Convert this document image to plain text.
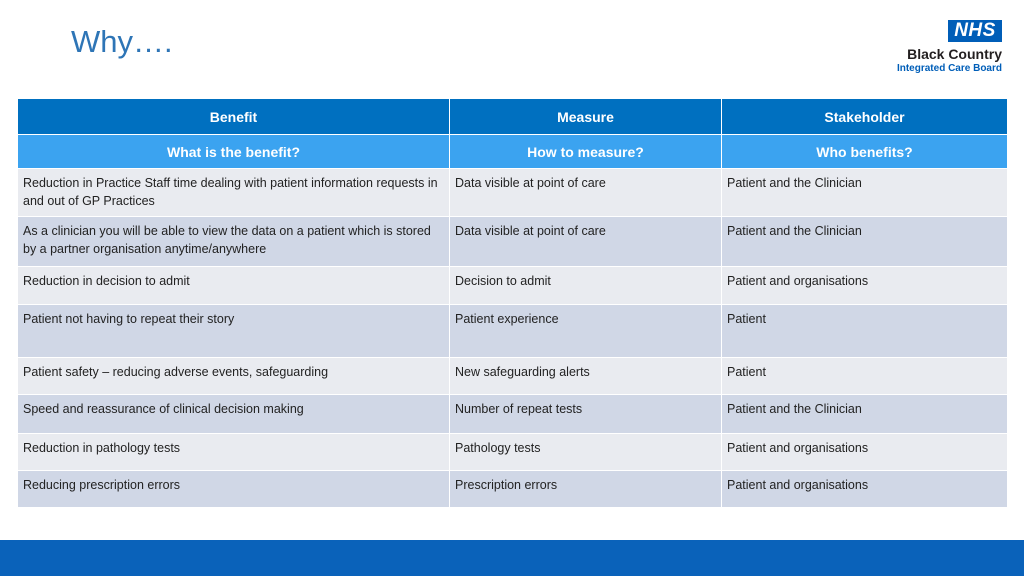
Why….	NHS
Black Country
Integrated Care Board
Benefit	Measure	Stakeholder
What is the benefit?	How to measure?	Who benefits?
Reduction in Practice Staff time dealing with patient information requests in and out of GP Practices	Data visible at point of care	Patient and the Clinician
As a clinician you will be able to view the data on a patient which is stored by a partner organisation anytime/anywhere	Data visible at point of care	Patient and the Clinician
Reduction in decision to admit	Decision to admit	Patient and organisations
Patient not having to repeat their story	Patient experience	Patient
Patient safety – reducing adverse events, safeguarding	New safeguarding alerts	Patient
Speed and reassurance of clinical decision making	Number of repeat tests	Patient and the Clinician
Reduction in pathology tests	Pathology tests	Patient and organisations
Reducing prescription errors	Prescription errors	Patient and organisations
